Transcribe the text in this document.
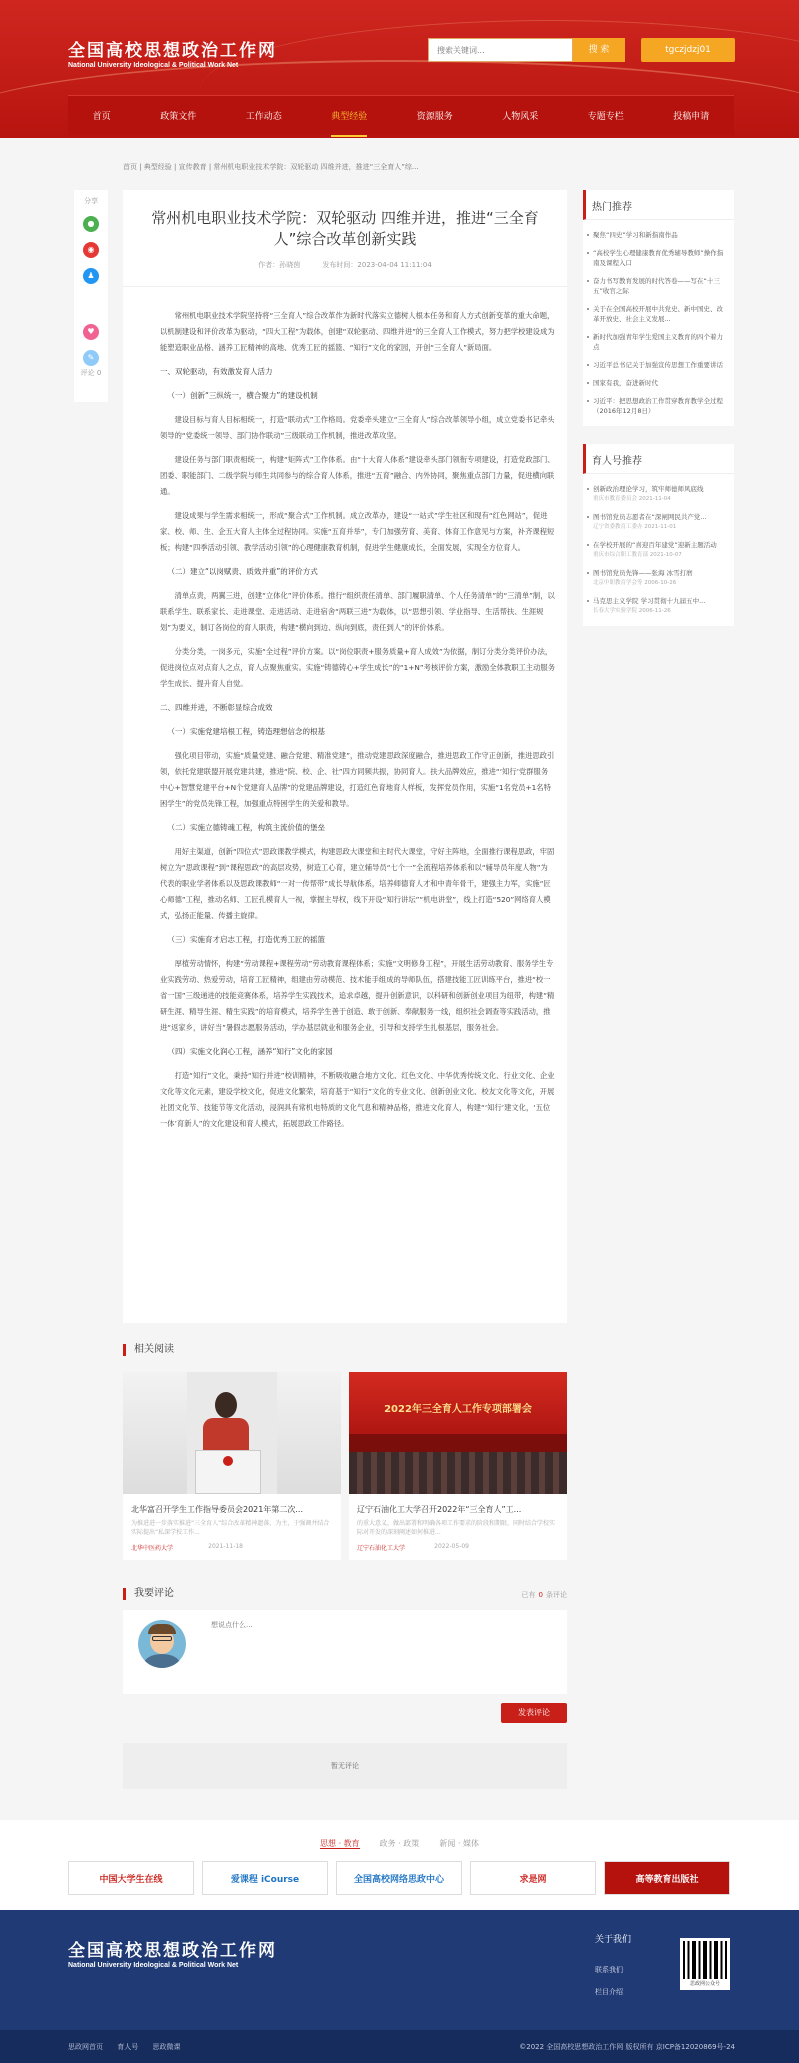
全国高校思想政治工作网
National University Ideological & Political Work Net
搜索关键词...
搜 索	tgczjdzj01
首页	政策文件	工作动态	典型经验	资源服务	人物风采	专题专栏	投稿申请
首页 | 典型经验 | 宣传教育 | 常州机电职业技术学院：双轮驱动 四维并进，推进“三全育人”综...
分享
●
◉
♟
♥
✎
评论 0
常州机电职业技术学院：双轮驱动 四维并进，推进“三全育人”综合改革创新实践
作者：孙晓茵	发布时间：2023-04-04 11:11:04

常州机电职业技术学院坚持将“三全育人”综合改革作为新时代落实立德树人根本任务和育人方式创新变革的重大命题，以机制建设和评价改革为驱动，“四大工程”为载体，创建“双轮驱动、四维并进”的三全育人工作模式，努力把学校建设成为能塑造职业品格、涵养工匠精神的高地、优秀工匠的摇篮、“知行”文化的家园，开创“三全育人”新局面。

一、双轮驱动，有效激发育人活力
（一）创新“三纵统一，横合聚力”的建设机制

建设目标与育人目标相统一，打造“联动式”工作格局。党委牵头建立“三全育人”综合改革领导小组，成立党委书记牵头领导的“党委统一领导、部门协作联动”三级联动工作机制，推进改革攻坚。

建设任务与部门职责相统一，构建“矩阵式”工作体系。由“十大育人体系”建设牵头部门领衔专项建设，打造党政部门、团委、职能部门、二级学院与师生共同参与的综合育人体系，推进“五育”融合、内外协同，聚焦重点部门力量，促进横向联通。

建设成果与学生需求相统一，形成“聚合式”工作机制。成立改革办，建设“一站式”学生社区和现有“红色网站”，促进家、校、师、生、企五大育人主体全过程协同。实施“五育并举”，专门加强劳育、美育、体育工作意见与方案，补齐课程短板；构建“四季活动引领、教学活动引领”的心理健康教育机制，促进学生健康成长，全面发展，实现全方位育人。

（二）建立“以岗赋责、质效并重”的评价方式

清单点责，两翼三进，创建“立体化”评价体系。推行“组织责任清单、部门履职清单、个人任务清单”的“三清单”制，以联系学生、联系家长、走进课堂、走进活动、走进宿舍“两联三进”为载体，以“思想引领、学业指导、生活帮扶、生涯规划”为要义，制订各岗位的育人职责，构建“横向到边、纵向到底，责任到人”的评价体系。

分类分类，一岗多元，实施“全过程”评价方案。以“岗位职责+服务质量+育人成效”为依据，制订分类分类评价办法，促进岗位点对点育人之点，育人点聚焦重实。实施“铸德铸心+学生成长”的“1+N”考核评价方案，激励全体教职工主动服务学生成长、提升育人自觉。

二、四维并进，不断彰显综合成效
（一）实施党建培根工程，铸造理想信念的根基

强化项目带动，实施“质量党建、融合党建、精准党建”，推动党建思政深度融合，推进思政工作守正创新，推进思政引领，依托党建联盟开展党建共建，推进“院、校、企、社”四方同频共振，协同育人。扶大品牌效应，推进“‘知行’党群服务中心+智慧党建平台+N个党建育人品牌”的党建品牌建设，打造红色育地育人样板，发挥党员作用，实施“1名党员+1名特困学生”的党员先锋工程，加强重点特困学生的关爱和教导。

（二）实施立德铸魂工程，构筑主流价值的堡垒

用好主渠道，创新“四位式”思政课教学模式，构建思政大课堂和主时代大课堂，守好主阵地，全面推行课程思政，牢固树立为“思政课程”到“课程思政”的高层攻势，树造工心育，建立辅导员“七个一”全流程培养体系和以“辅导员年度人物”为代表的职业学者体系以及思政课教师“一对一传帮带”成长导航体系，培养师德育人才和中青年骨干，建强主力军，实施“匠心师德”工程，推动名师、工匠孔模育人一视，掌握主导权，线下开设“知行讲坛”“机电讲堂”，线上打造“520”网络育人模式，弘扬正能量、传播主旋律。

（三）实施育才启志工程，打造优秀工匠的摇篮

厚植劳动情怀，构建“劳动课程+课程劳动”劳动教育课程体系；实施“文明修身工程”，开展生活劳动教育、服务学生专业实践劳动、热爱劳动，培育工匠精神，组建由劳动模范、技术能手组成的导师队伍，搭建技能工匠训练平台，推进“校一省一国”三级递进的技能竞赛体系，培养学生实践技术，追求卓越，提升创新意识，以科研和创新创业项目为纽带，构建“精研生涯、精导生涯、精生实践”的培育模式，培养学生善于创造、敢于创新、奉献服务一线，组织社会调查等实践活动，推进“返家乡，讲好当”暑假志愿服务活动，学办基层就业和服务企业，引导和支持学生扎根基层，服务社会。

（四）实施文化润心工程，涵养“知行”文化的家园

打造“知行”文化，秉持“知行并进”校训精神，不断吸收融合地方文化、红色文化、中华优秀传统文化、行业文化、企业文化等文化元素，建设学校文化，促进文化繁荣，培育基于“知行”文化的专业文化、创新创业文化、校友文化等文化，开展社团文化节、技能节等文化活动，浸润具有常机电特质的文化气息和精神品格，推进文化育人，构建“‘知行’建文化，‘五位一体’育新人”的文化建设和育人模式，拓展思政工作路径。

热门推荐
聚焦“四史”学习和新指南作品
“高校学生心理健康教育优秀辅导教师”操作指南及课程入口
奋力书写教育发展的时代答卷——写在“十三五”收官之际
关于在全国高校开展中共党史、新中国史、改革开放史、社会主义发展...
新时代加强青年学生爱国主义教育的四个着力点
习近平总书记关于加强宣传思想工作重要讲话
国家有我，奋进新时代
习近平：把思想政治工作贯穿教育教学全过程（2016年12月8日）
育人号推荐
创新政治理论学习，筑牢师德师风底线
重庆市教育委员会 2021-11-04
图书馆党员志愿者在“深闸网民共产党...
辽宁省委教育工委办 2021-11-01
在学校开展的“喜迎百年建党”迎新主题活动
重庆市综合职工教育部 2021-10-07
图书馆党员先锋——张海 冰雪打磨
北京中职教育学会等 2006-10-26
马克思主义学院 学习贯彻十九届五中...
长春大学实验学院 2006-11-26
相关阅读
北华富召开学生工作指导委员会2021年第二次...
为推进进一步落实推进“三全育人”综合改革精神遗落，为主，于强调并结合实际提出“私深学校工作...
北华中医药大学	2021-11-18
2022年三全育人工作专项部署会
辽宁石油化工大学召开2022年“三全育人”工...
的重大意义，做出部署和明确各项工作要求的阶段和期限，同时结合学校实际对开发的深刻阐述如何推进...
辽宁石油化工大学	2022-05-09
我要评论	已有 0 条评论
想说点什么...
发表评论
暂无评论
思想 · 教育	政务 · 政策	新闻 · 媒体
中国大学生在线	爱课程 iCourse	全国高校网络思政中心	求是网	高等教育出版社
全国高校思想政治工作网
National University Ideological & Political Work Net
关于我们
联系我们
栏目介绍
思政网公众号
思政网首页 育人号 思政微课	©2022 全国高校思想政治工作网 版权所有 京ICP备12020869号-24
